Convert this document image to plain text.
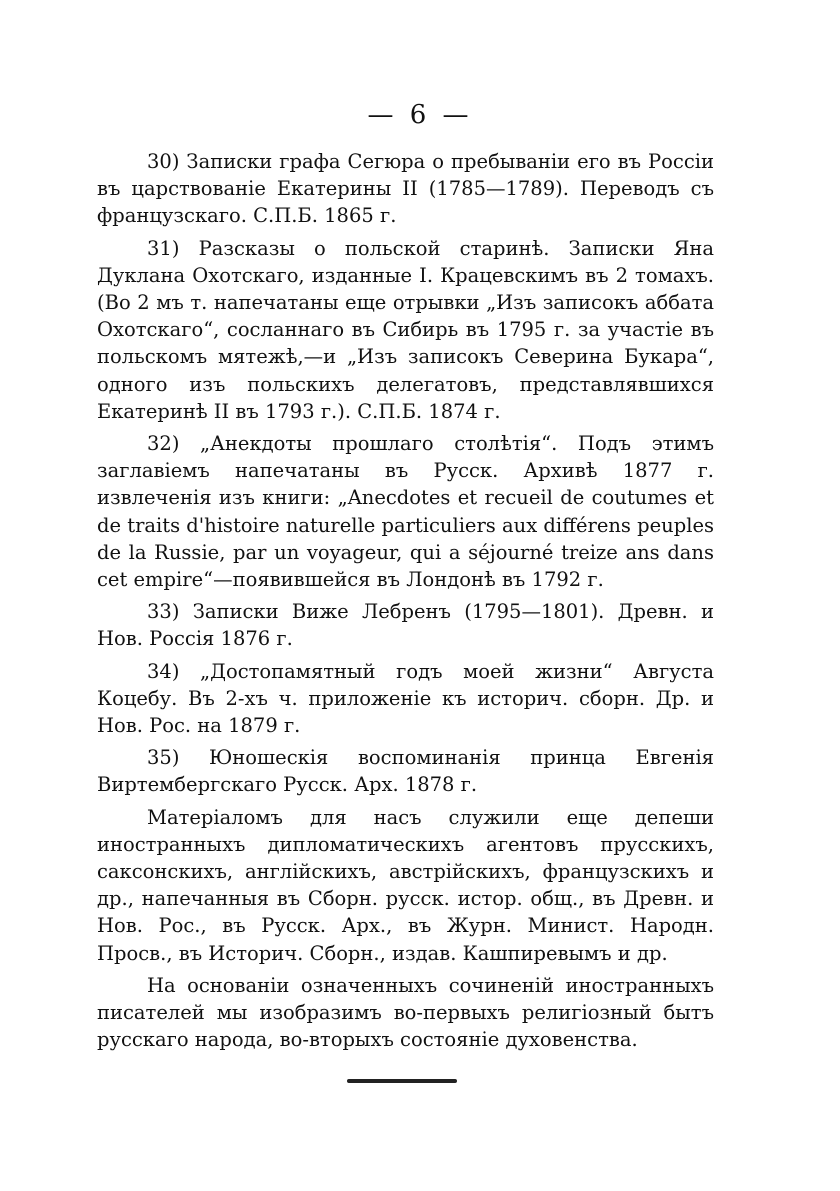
— 6 —

30) Записки графа Сегюра о пребываніи его въ Россіи въ царствованіе Екатерины II (1785—1789). Переводъ съ французскаго. С.П.Б. 1865 г.

31) Разсказы о польской старинѣ. Записки Яна Дуклана Охотскаго, изданные I. Крацевскимъ въ 2 томахъ. (Во 2 мъ т. напечатаны еще отрывки „Изъ записокъ аббата Охотскаго“, сосланнаго въ Сибирь въ 1795 г. за участіе въ польскомъ мятежѣ,—и „Изъ записокъ Северина Букара“, одного изъ польскихъ делегатовъ, представлявшихся Екатеринѣ II въ 1793 г.). С.П.Б. 1874 г.

32) „Анекдоты прошлаго столѣтія“. Подъ этимъ заглавіемъ напечатаны въ Русск. Архивѣ 1877 г. извлеченія изъ книги: „Anecdotes et recueil de coutumes et de traits d'histoire naturelle particuliers aux différens peuples de la Russie, par un voyageur, qui a séjourné treize ans dans cet empire“—появившейся въ Лондонѣ въ 1792 г.

33) Записки Виже Лебренъ (1795—1801). Древн. и Нов. Россія 1876 г.

34) „Достопамятный годъ моей жизни“ Августа Коцебу. Въ 2-хъ ч. приложеніе къ историч. сборн. Др. и Нов. Рос. на 1879 г.

35) Юношескія воспоминанія принца Евгенія Виртембергскаго Русск. Арх. 1878 г.

Матеріаломъ для насъ служили еще депеши иностранныхъ дипломатическихъ агентовъ прусскихъ, саксонскихъ, англійскихъ, австрійскихъ, французскихъ и др., напечанныя въ Сборн. русск. истор. общ., въ Древн. и Нов. Рос., въ Русск. Арх., въ Журн. Минист. Народн. Просв., въ Историч. Сборн., издав. Кашпиревымъ и др.

На основаніи означенныхъ сочиненій иностранныхъ писателей мы изобразимъ во-первыхъ религіозный бытъ русскаго народа, во-вторыхъ состояніе духовенства.
